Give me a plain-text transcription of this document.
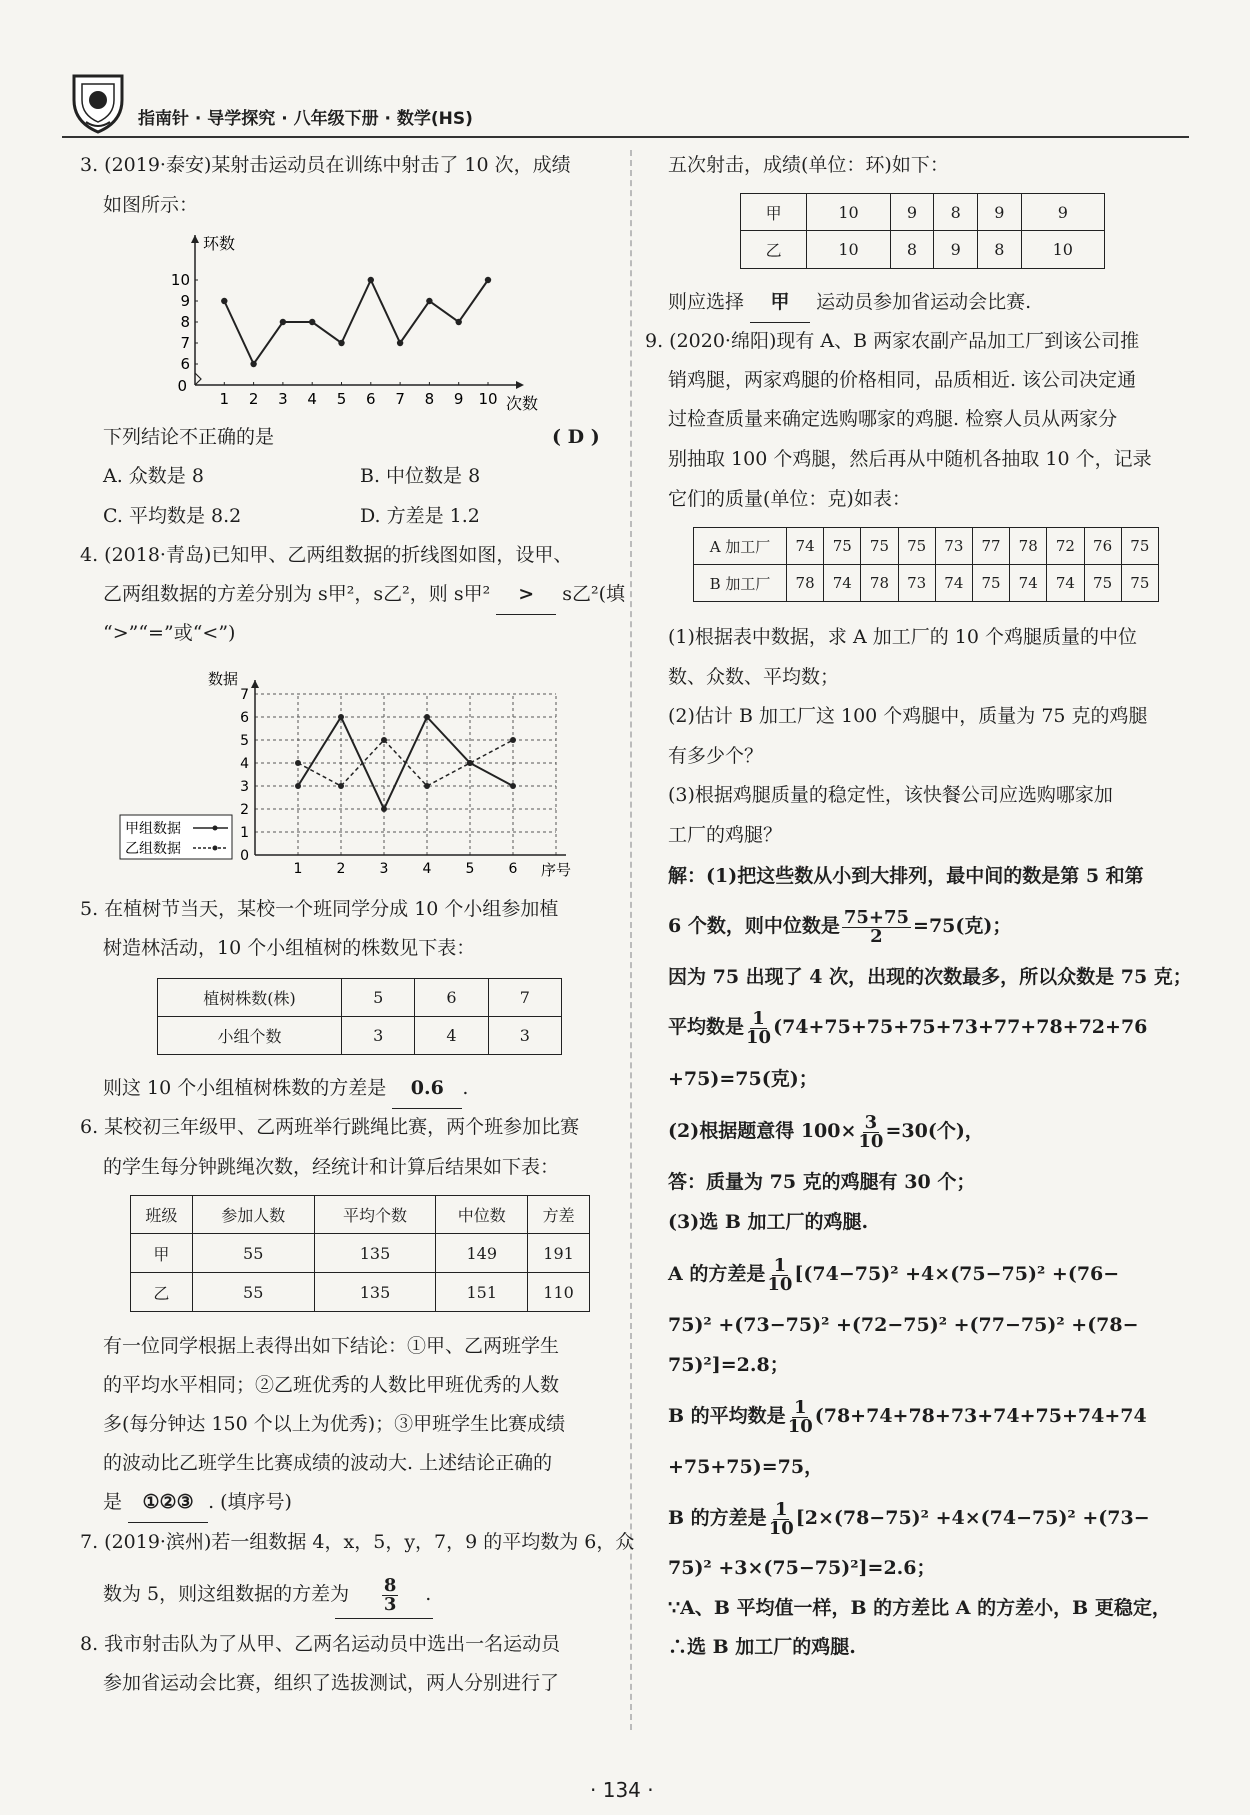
指南针 · 导学探究 · 八年级下册 · 数学(HS)
3. (2019·泰安)某射击运动员在训练中射击了 10 次，成绩
如图所示：
6
7
8
9
10
0
1 2 3 4 5 6 7 8 9 10
环数
次数
下列结论不正确的是	( D )
A. 众数是 8	B. 中位数是 8
C. 平均数是 8.2	D. 方差是 1.2
4. (2018·青岛)已知甲、乙两组数据的折线图如图，设甲、
乙两组数据的方差分别为 s甲²，s乙²，则 s甲² > s乙²(填
“>”“=”或“<”)
0
1
2
3
4
5
6
7
1 2 3 4 5 6
数据
序号
甲组数据
乙组数据
5. 在植树节当天，某校一个班同学分成 10 个小组参加植
树造林活动，10 个小组植树的株数见下表：
植树株数(株)	5	6	7
小组个数	3	4	3
则这 10 个小组植树株数的方差是 0.6 .
6. 某校初三年级甲、乙两班举行跳绳比赛，两个班参加比赛
的学生每分钟跳绳次数，经统计和计算后结果如下表：
班级	参加人数	平均个数	中位数	方差
甲	55	135	149	191
乙	55	135	151	110
有一位同学根据上表得出如下结论：①甲、乙两班学生
的平均水平相同；②乙班优秀的人数比甲班优秀的人数
多(每分钟达 150 个以上为优秀)；③甲班学生比赛成绩
的波动比乙班学生比赛成绩的波动大. 上述结论正确的
是 ①②③ . (填序号)
7. (2019·滨州)若一组数据 4，x，5，y，7，9 的平均数为 6，众
数为 5，则这组数据的方差为 $\frac{8}{3}$ .
8. 我市射击队为了从甲、乙两名运动员中选出一名运动员
参加省运动会比赛，组织了选拔测试，两人分别进行了
五次射击，成绩(单位：环)如下：
甲	10	9	8	9	9
乙	10	8	9	8	10
则应选择 甲 运动员参加省运动会比赛.
9. (2020·绵阳)现有 A、B 两家农副产品加工厂到该公司推
销鸡腿，两家鸡腿的价格相同，品质相近. 该公司决定通
过检查质量来确定选购哪家的鸡腿. 检察人员从两家分
别抽取 100 个鸡腿，然后再从中随机各抽取 10 个，记录
它们的质量(单位：克)如表：
A 加工厂	74	75	75	75	73	77	78	72	76	75
B 加工厂	78	74	78	73	74	75	74	74	75	75
(1)根据表中数据，求 A 加工厂的 10 个鸡腿质量的中位
数、众数、平均数；
(2)估计 B 加工厂这 100 个鸡腿中，质量为 75 克的鸡腿
有多少个？
(3)根据鸡腿质量的稳定性，该快餐公司应选购哪家加
工厂的鸡腿？
解：(1)把这些数从小到大排列，最中间的数是第 5 和第
6 个数，则中位数是 $\frac{75+75}{2} =75$(克)；
因为 75 出现了 4 次，出现的次数最多，所以众数是 75 克；
平均数是 $\frac{1}{10} (74+75+75+75+73+77+78+72+76$
+75)=75(克)；
(2)根据题意得 $100\times \frac{3}{10} =30$(个)，
答：质量为 75 克的鸡腿有 30 个；
(3)选 B 加工厂的鸡腿.
A 的方差是 $\frac{1}{10} [(74-75)^2 +4\times(75-75)^2 +(76-$
75)² +(73−75)² +(72−75)² +(77−75)² +(78−
75)²]=2.8；
B 的平均数是 $\frac{1}{10} (78+74+78+73+74+75+74+74$
+75+75)=75，
B 的方差是 $\frac{1}{10} [2\times(78-75)^2 +4\times(74-75)^2 +(73-$
75)² +3×(75−75)²]=2.6；
∵A、B 平均值一样，B 的方差比 A 的方差小，B 更稳定，
∴选 B 加工厂的鸡腿.
· 134 ·
